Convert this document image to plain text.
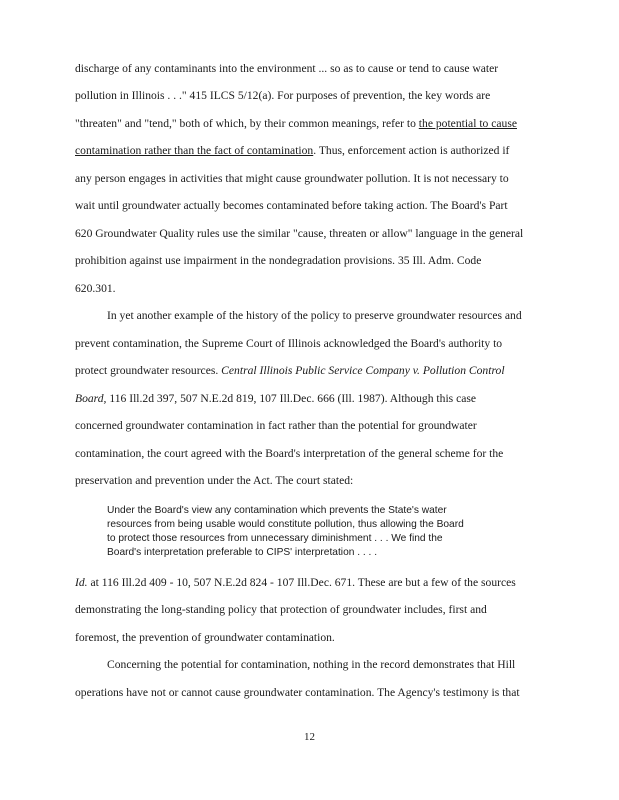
discharge of any contaminants into the environment ... so as to cause or tend to cause water
pollution in Illinois . . ." 415 ILCS 5/12(a). For purposes of prevention, the key words are
"threaten" and "tend," both of which, by their common meanings, refer to the potential to cause
contamination rather than the fact of contamination. Thus, enforcement action is authorized if
any person engages in activities that might cause groundwater pollution. It is not necessary to
wait until groundwater actually becomes contaminated before taking action. The Board's Part
620 Groundwater Quality rules use the similar "cause, threaten or allow" language in the general
prohibition against use impairment in the nondegradation provisions. 35 Ill. Adm. Code
620.301.
In yet another example of the history of the policy to preserve groundwater resources and
prevent contamination, the Supreme Court of Illinois acknowledged the Board's authority to
protect groundwater resources. Central Illinois Public Service Company v. Pollution Control
Board, 116 Ill.2d 397, 507 N.E.2d 819, 107 Ill.Dec. 666 (Ill. 1987). Although this case
concerned groundwater contamination in fact rather than the potential for groundwater
contamination, the court agreed with the Board's interpretation of the general scheme for the
preservation and prevention under the Act. The court stated:
Under the Board's view any contamination which prevents the State's water
resources from being usable would constitute pollution, thus allowing the Board
to protect those resources from unnecessary diminishment . . . We find the
Board's interpretation preferable to CIPS' interpretation . . . .
Id. at 116 Ill.2d 409 - 10, 507 N.E.2d 824 - 107 Ill.Dec. 671. These are but a few of the sources
demonstrating the long-standing policy that protection of groundwater includes, first and
foremost, the prevention of groundwater contamination.
Concerning the potential for contamination, nothing in the record demonstrates that Hill
operations have not or cannot cause groundwater contamination. The Agency's testimony is that
12
